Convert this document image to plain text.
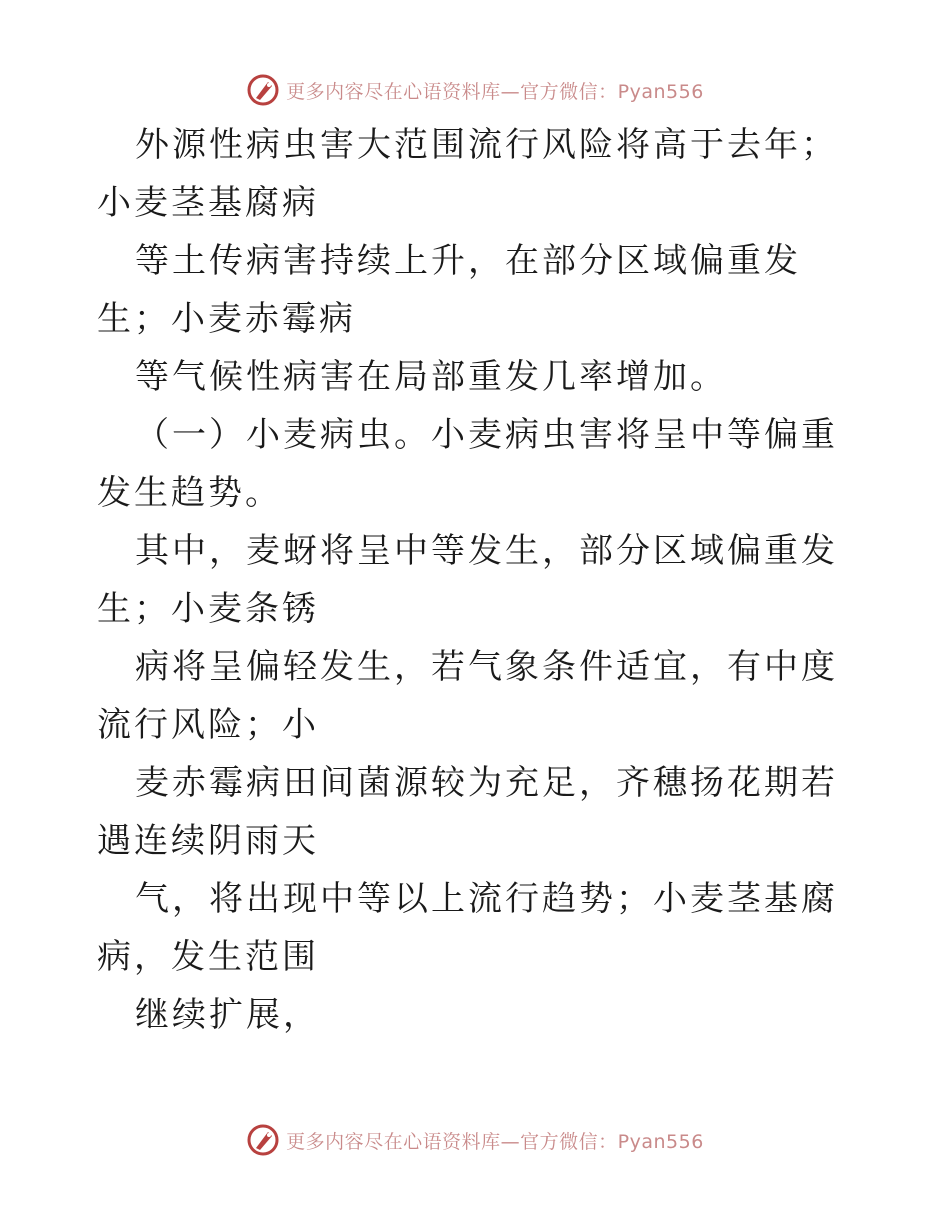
更多内容尽在心语资料库—官方微信：Pyan556

外源性病虫害大范围流行风险将高于去年；小麦茎基腐病

等土传病害持续上升，在部分区域偏重发生；小麦赤霉病

等气候性病害在局部重发几率增加。

（一）小麦病虫。小麦病虫害将呈中等偏重发生趋势。

其中，麦蚜将呈中等发生，部分区域偏重发生；小麦条锈

病将呈偏轻发生，若气象条件适宜，有中度流行风险；小

麦赤霉病田间菌源较为充足，齐穗扬花期若遇连续阴雨天

气，将出现中等以上流行趋势；小麦茎基腐病，发生范围

继续扩展，

更多内容尽在心语资料库—官方微信：Pyan556
